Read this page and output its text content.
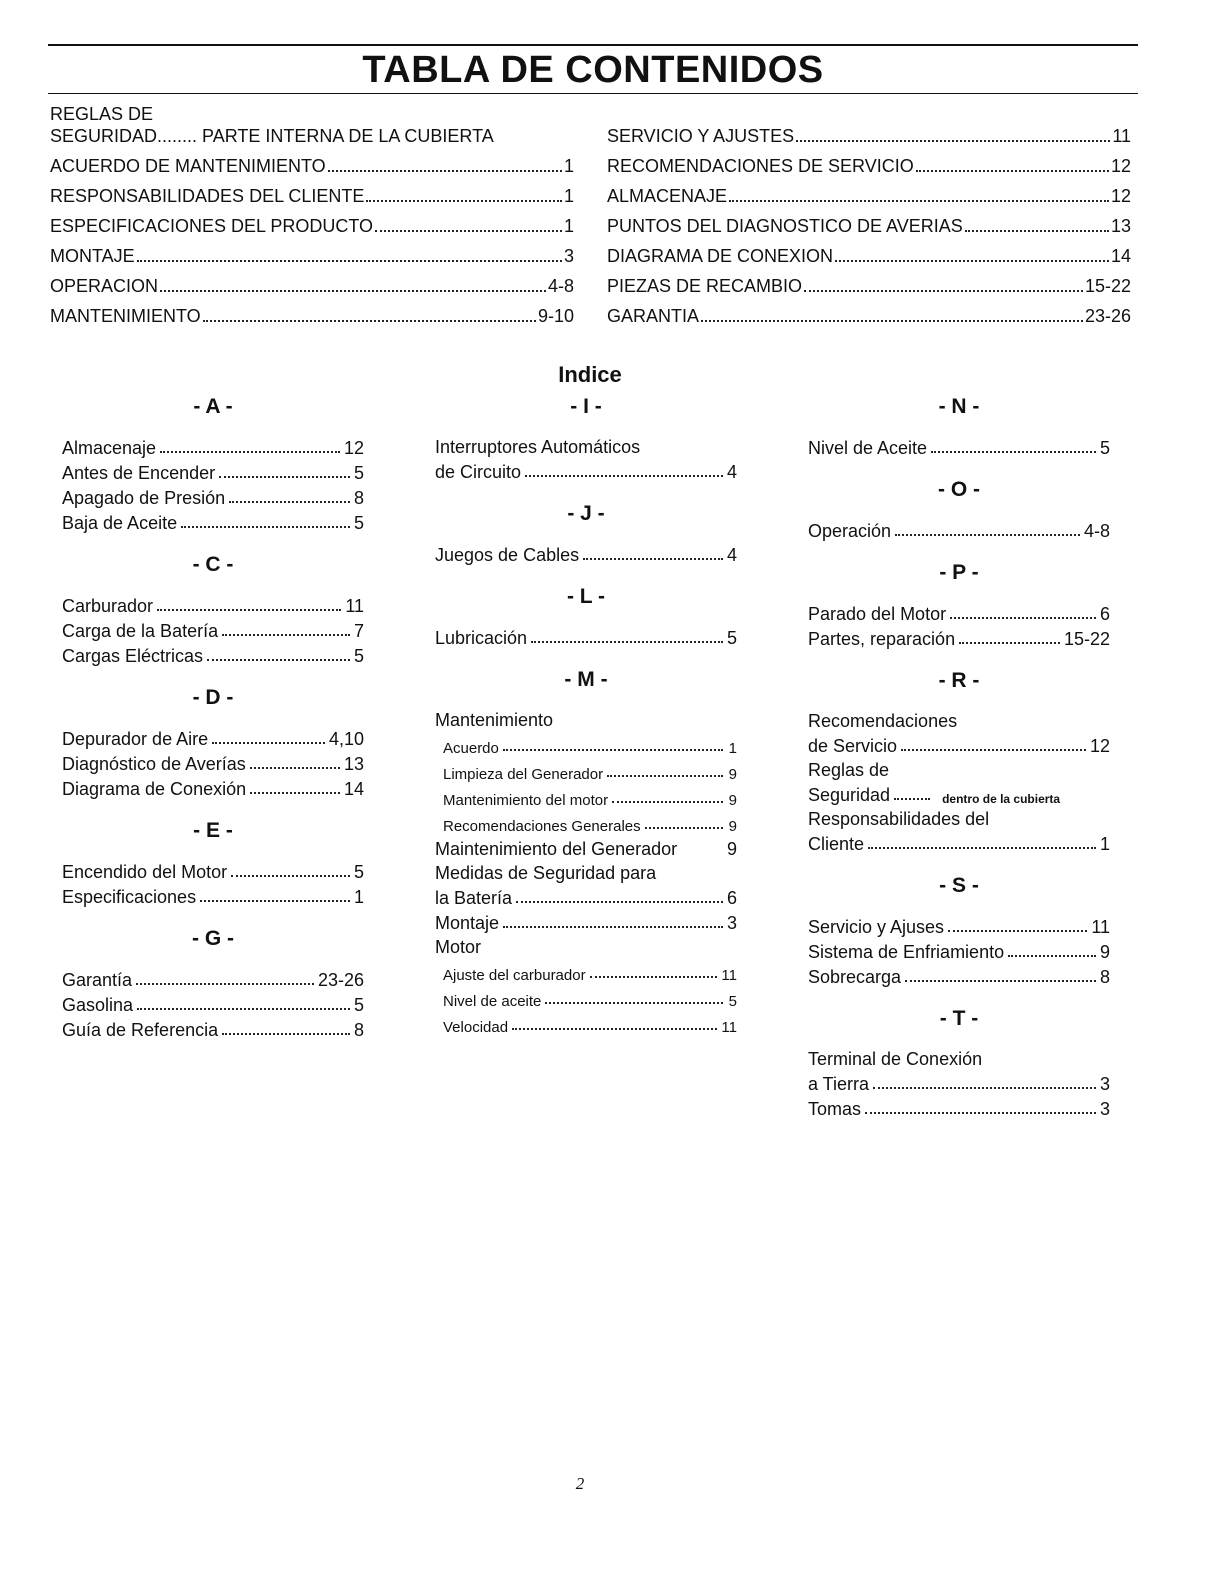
TABLA DE CONTENIDOS
REGLAS DE
SEGURIDAD........ PARTE INTERNA DE LA CUBIERTA
ACUERDO DE MANTENIMIENTO	1
RESPONSABILIDADES DEL CLIENTE	1
ESPECIFICACIONES DEL PRODUCTO	1
MONTAJE	3
OPERACION	4-8
MANTENIMIENTO	9-10
SERVICIO Y AJUSTES	11
RECOMENDACIONES DE SERVICIO	12
ALMACENAJE	12
PUNTOS DEL DIAGNOSTICO DE AVERIAS	13
DIAGRAMA DE CONEXION	14
PIEZAS DE RECAMBIO	15-22
GARANTIA	23-26
Indice
- A -
Almacenaje	12
Antes de Encender	5
Apagado de Presión	8
Baja de Aceite	5
- C -
Carburador	11
Carga de la Batería	7
Cargas Eléctricas	5
- D -
Depurador de Aire	4,10
Diagnóstico de Averías	13
Diagrama de Conexión	14
- E -
Encendido del Motor	5
Especificaciones	1
- G -
Garantía	23-26
Gasolina	5
Guía de Referencia	8
- I -
Interruptores Automáticos
de Circuito	4
- J -
Juegos de Cables	4
- L -
Lubricación	5
- M -
Mantenimiento
Acuerdo	1
Limpieza del Generador	9
Mantenimiento del motor	9
Recomendaciones Generales	9
Maintenimiento del Generador	9
Medidas de Seguridad para
la Batería	6
Montaje	3
Motor
Ajuste del carburador	11
Nivel de aceite	5
Velocidad	11
- N -
Nivel de Aceite	5
- O -
Operación	4-8
- P -
Parado del Motor	6
Partes, reparación	15-22
- R -
Recomendaciones
de Servicio	12
Reglas de
Seguridad	dentro de la cubierta
Responsabilidades del
Cliente	1
- S -
Servicio y Ajuses	11
Sistema de Enfriamiento	9
Sobrecarga	8
- T -
Terminal de Conexión
a Tierra	3
Tomas	3
2
